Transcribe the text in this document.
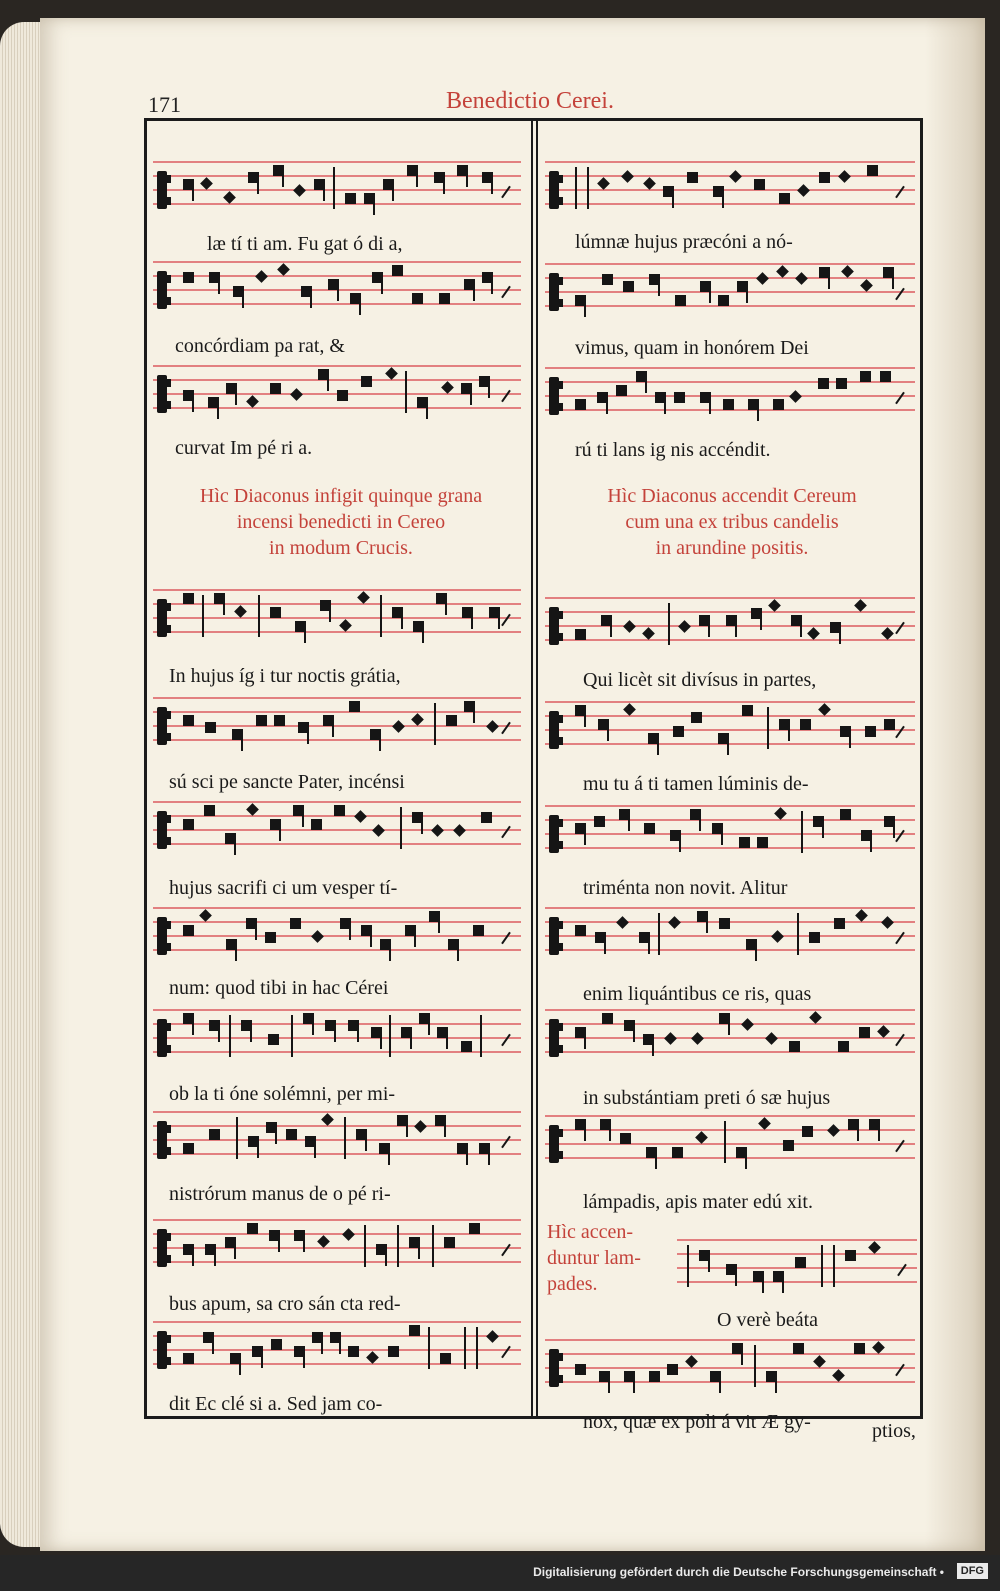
171	Benedictio Cerei.
Hìc Diaconus infigit quinque grana
incensi benedicti in Cereo
in modum Crucis.
Hìc Diaconus accendit Cereum
cum una ex tribus candelis
in arundine positis.
Hìc accen-
duntur lam-
pades.
læ tí ti am. Fu gat ó di a,
concórdiam pa rat, &
curvat Im pé ri a.
In hujus íg i tur noctis grátia,
sú sci pe sancte Pater, incénsi
hujus sacrifi ci um vesper tí-
num: quod tibi in hac Cérei
ob la ti óne solémni, per mi-
nistrórum manus de o pé ri-
bus apum, sa cro sán cta red-
dit Ec clé si a. Sed jam co-
lúmnæ hujus præcóni a nó-
vimus, quam in honórem Dei
rú ti lans ig nis accéndit.
Qui licèt sit divísus in partes,
mu tu á ti tamen lúminis de-
triménta non novit. Alitur
enim liquántibus ce ris, quas
in substántiam preti ó sæ hujus
lámpadis, apis mater edú xit.
O verè beáta
nox, quæ ex poli á vit Æ gy-	ptios,
Digitalisierung gefördert durch die Deutsche Forschungsgemeinschaft •	DFG
